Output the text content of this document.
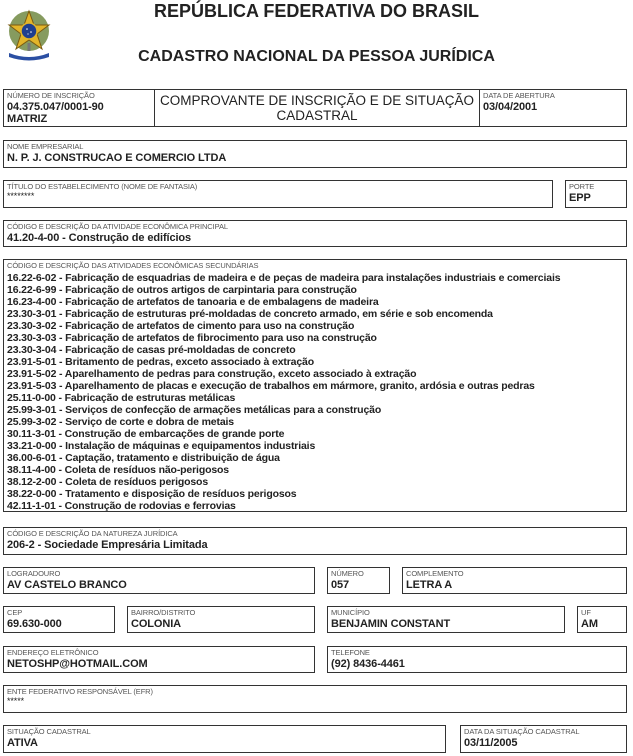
REPÚBLICA FEDERATIVA DO BRASIL
CADASTRO NACIONAL DA PESSOA JURÍDICA
NÚMERO DE INSCRIÇÃO
04.375.047/0001-90
MATRIZ
COMPROVANTE DE INSCRIÇÃO E DE SITUAÇÃO
CADASTRAL
DATA DE ABERTURA
03/04/2001
NOME EMPRESARIAL
N. P. J. CONSTRUCAO E COMERCIO LTDA
TÍTULO DO ESTABELECIMENTO (NOME DE FANTASIA)
********
PORTE
EPP
CÓDIGO E DESCRIÇÃO DA ATIVIDADE ECONÔMICA PRINCIPAL
41.20-4-00 - Construção de edifícios
CÓDIGO E DESCRIÇÃO DAS ATIVIDADES ECONÔMICAS SECUNDÁRIAS
16.22-6-02 - Fabricação de esquadrias de madeira e de peças de madeira para instalações industriais e comerciais
16.22-6-99 - Fabricação de outros artigos de carpintaria para construção
16.23-4-00 - Fabricação de artefatos de tanoaria e de embalagens de madeira
23.30-3-01 - Fabricação de estruturas pré-moldadas de concreto armado, em série e sob encomenda
23.30-3-02 - Fabricação de artefatos de cimento para uso na construção
23.30-3-03 - Fabricação de artefatos de fibrocimento para uso na construção
23.30-3-04 - Fabricação de casas pré-moldadas de concreto
23.91-5-01 - Britamento de pedras, exceto associado à extração
23.91-5-02 - Aparelhamento de pedras para construção, exceto associado à extração
23.91-5-03 - Aparelhamento de placas e execução de trabalhos em mármore, granito, ardósia e outras pedras
25.11-0-00 - Fabricação de estruturas metálicas
25.99-3-01 - Serviços de confecção de armações metálicas para a construção
25.99-3-02 - Serviço de corte e dobra de metais
30.11-3-01 - Construção de embarcações de grande porte
33.21-0-00 - Instalação de máquinas e equipamentos industriais
36.00-6-01 - Captação, tratamento e distribuição de água
38.11-4-00 - Coleta de resíduos não-perigosos
38.12-2-00 - Coleta de resíduos perigosos
38.22-0-00 - Tratamento e disposição de resíduos perigosos
42.11-1-01 - Construção de rodovias e ferrovias
CÓDIGO E DESCRIÇÃO DA NATUREZA JURÍDICA
206-2 - Sociedade Empresária Limitada
LOGRADOURO
AV CASTELO BRANCO
NÚMERO
057
COMPLEMENTO
LETRA A
CEP
69.630-000
BAIRRO/DISTRITO
COLONIA
MUNICÍPIO
BENJAMIN CONSTANT
UF
AM
ENDEREÇO ELETRÔNICO
NETOSHP@HOTMAIL.COM
TELEFONE
(92) 8436-4461
ENTE FEDERATIVO RESPONSÁVEL (EFR)
*****
SITUAÇÃO CADASTRAL
ATIVA
DATA DA SITUAÇÃO CADASTRAL
03/11/2005
